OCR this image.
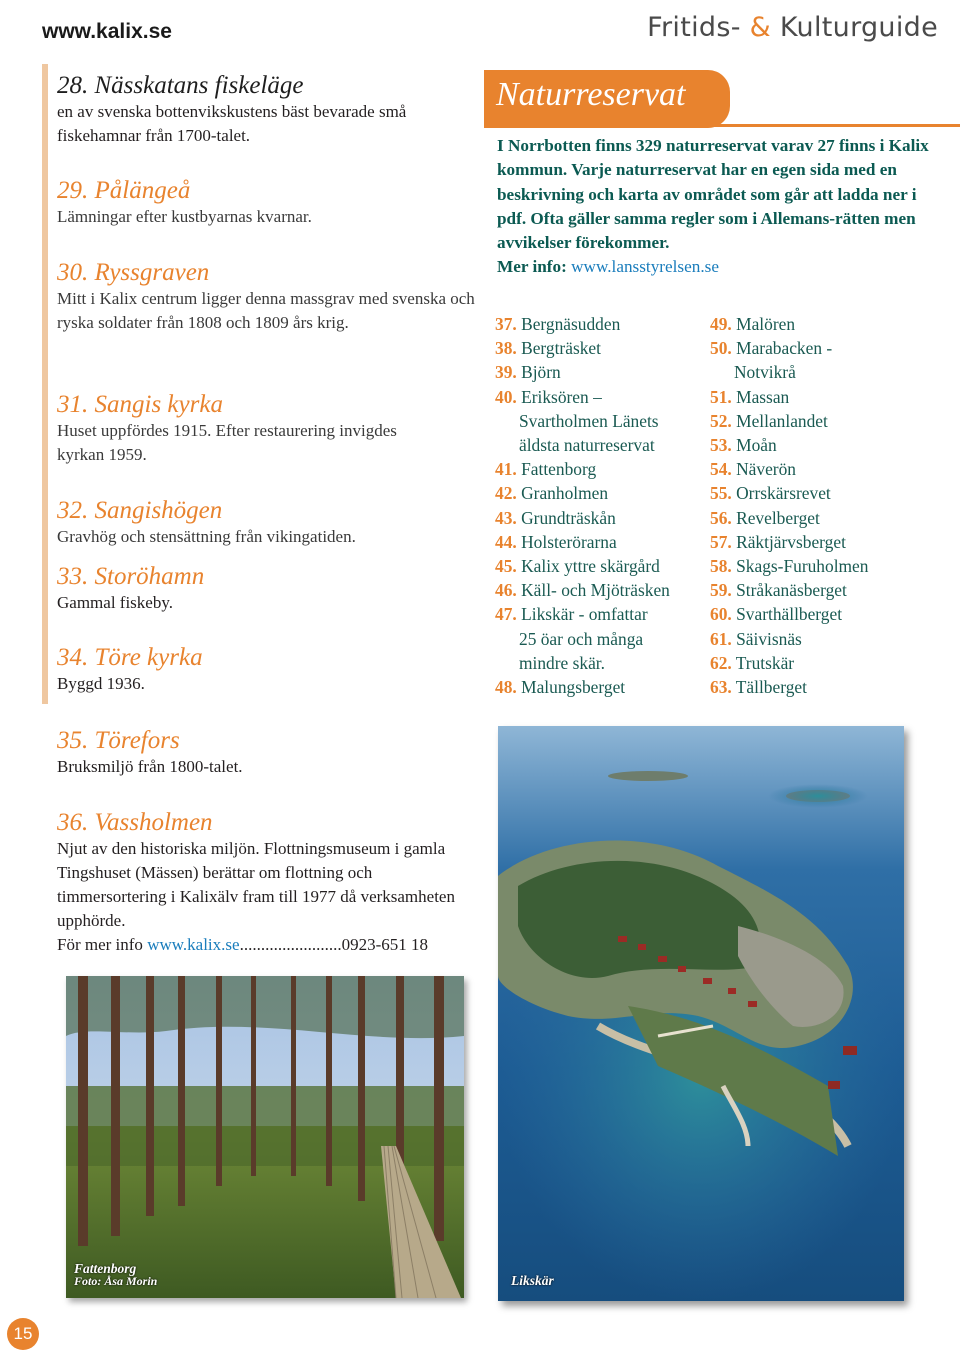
www.kalix.se	Fritids- & Kulturguide
28. Nässkatans fiskeläge
en av svenska bottenvikskustens bäst bevarade små fiskehamnar från 1700-talet.
29. Pålängeå
Lämningar efter kustbyarnas kvarnar.
30. Ryssgraven
Mitt i Kalix centrum ligger denna massgrav med svenska och ryska soldater från 1808 och 1809 års krig.
31. Sangis kyrka
Huset uppfördes 1915. Efter restaurering invigdes kyrkan 1959.
32. Sangishögen
Gravhög och stensättning från vikingatiden.
33. Storöhamn
Gammal fiskeby.
34. Töre kyrka
Byggd 1936.
35. Törefors
Bruksmiljö från 1800-talet.
36. Vassholmen
Njut av den historiska miljön. Flottningsmuseum i gamla Tingshuset (Mässen) berättar om flottning och timmersortering i Kalixälv fram till 1977 då verksamheten upphörde.
För mer info www.kalix.se........................0923-651 18
Naturreservat
I Norrbotten finns 329 naturreservat varav 27 finns i Kalix kommun. Varje naturreservat har en egen sida med en beskrivning och karta av området som går att ladda ner i pdf. Ofta gäller samma regler som i Allemans-rätten men avvikelser förekommer.
Mer info: www.lansstyrelsen.se
37. Bergnäsudden
38. Bergträsket
39. Björn
40. Eriksören –
Svartholmen Länets
äldsta naturreservat
41. Fattenborg
42. Granholmen
43. Grundträskån
44. Holsterörarna
45. Kalix yttre skärgård
46. Käll- och Mjöträsken
47. Likskär - omfattar
25 öar och många
mindre skär.
48. Malungsberget
49. Malören
50. Marabacken -
Notvikrå
51. Massan
52. Mellanlandet
53. Moån
54. Näverön
55. Orrskärsrevet
56. Revelberget
57. Räktjärvsberget
58. Skags-Furuholmen
59. Stråkanäsberget
60. Svarthällberget
61. Säivisnäs
62. Trutskär
63. Tällberget
Likskär
Fattenborg
Foto: Åsa Morin
15
